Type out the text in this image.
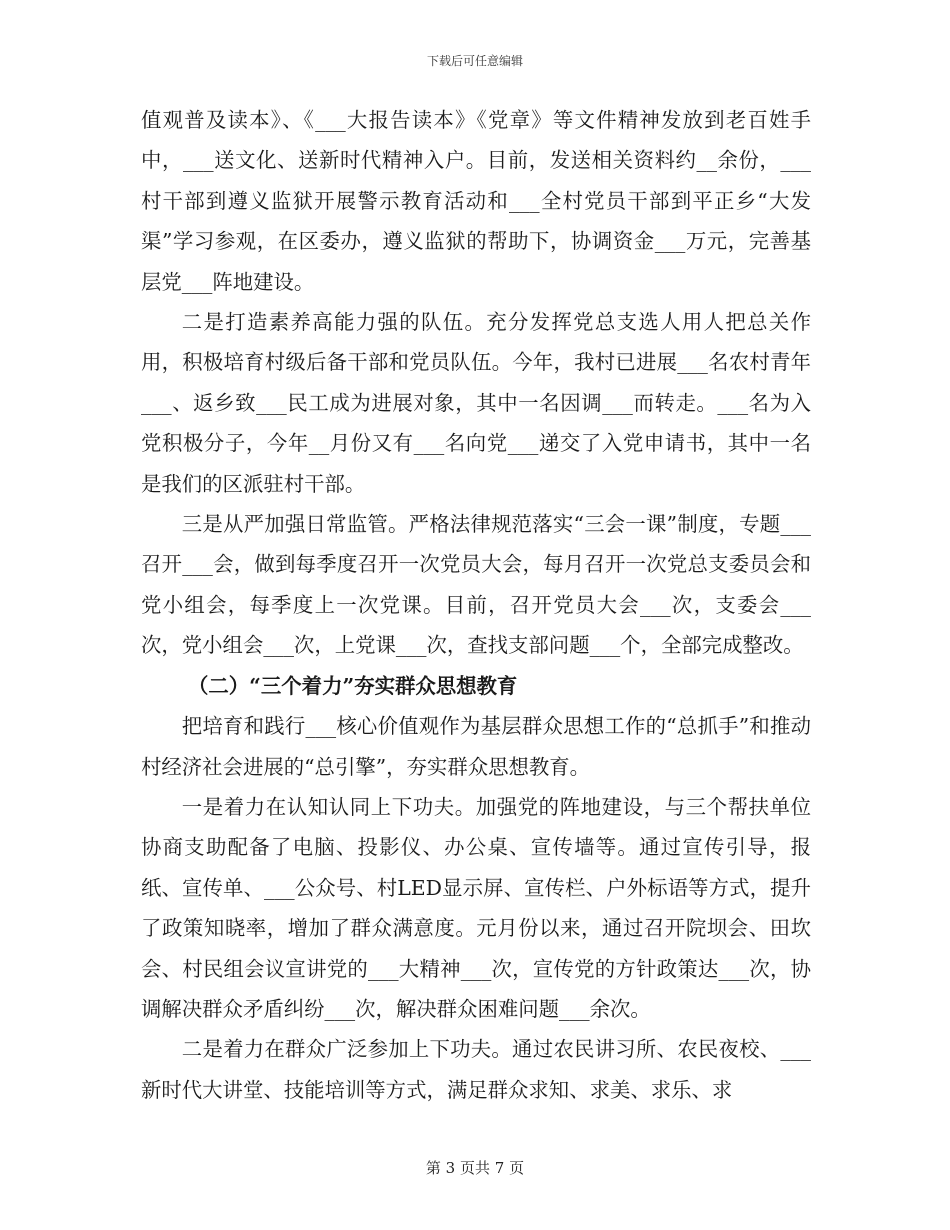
下载后可任意编辑

值观普及读本》、《___大报告读本》《党章》等文件精神发放到老百姓手中，___送文化、送新时代精神入户。目前，发送相关资料约__余份，___村干部到遵义监狱开展警示教育活动和___全村党员干部到平正乡“大发渠”学习参观，在区委办，遵义监狱的帮助下，协调资金___万元，完善基层党___阵地建设。

二是打造素养高能力强的队伍。充分发挥党总支选人用人把总关作用，积极培育村级后备干部和党员队伍。今年，我村已进展___名农村青年___、返乡致___民工成为进展对象，其中一名因调___而转走。___名为入党积极分子，今年__月份又有___名向党___递交了入党申请书，其中一名是我们的区派驻村干部。

三是从严加强日常监管。严格法律规范落实“三会一课”制度，专题___召开___会，做到每季度召开一次党员大会，每月召开一次党总支委员会和党小组会，每季度上一次党课。目前，召开党员大会___次，支委会___次，党小组会___次，上党课___次，查找支部问题___个，全部完成整改。

（二）“三个着力”夯实群众思想教育

把培育和践行___核心价值观作为基层群众思想工作的“总抓手”和推动村经济社会进展的“总引擎”，夯实群众思想教育。

一是着力在认知认同上下功夫。加强党的阵地建设，与三个帮扶单位协商支助配备了电脑、投影仪、办公桌、宣传墙等。通过宣传引导，报纸、宣传单、___公众号、村LED显示屏、宣传栏、户外标语等方式，提升了政策知晓率，增加了群众满意度。元月份以来，通过召开院坝会、田坎会、村民组会议宣讲党的___大精神___次，宣传党的方针政策达___次，协调解决群众矛盾纠纷___次，解决群众困难问题___余次。

二是着力在群众广泛参加上下功夫。通过农民讲习所、农民夜校、___新时代大讲堂、技能培训等方式，满足群众求知、求美、求乐、求

第 3 页共 7 页
